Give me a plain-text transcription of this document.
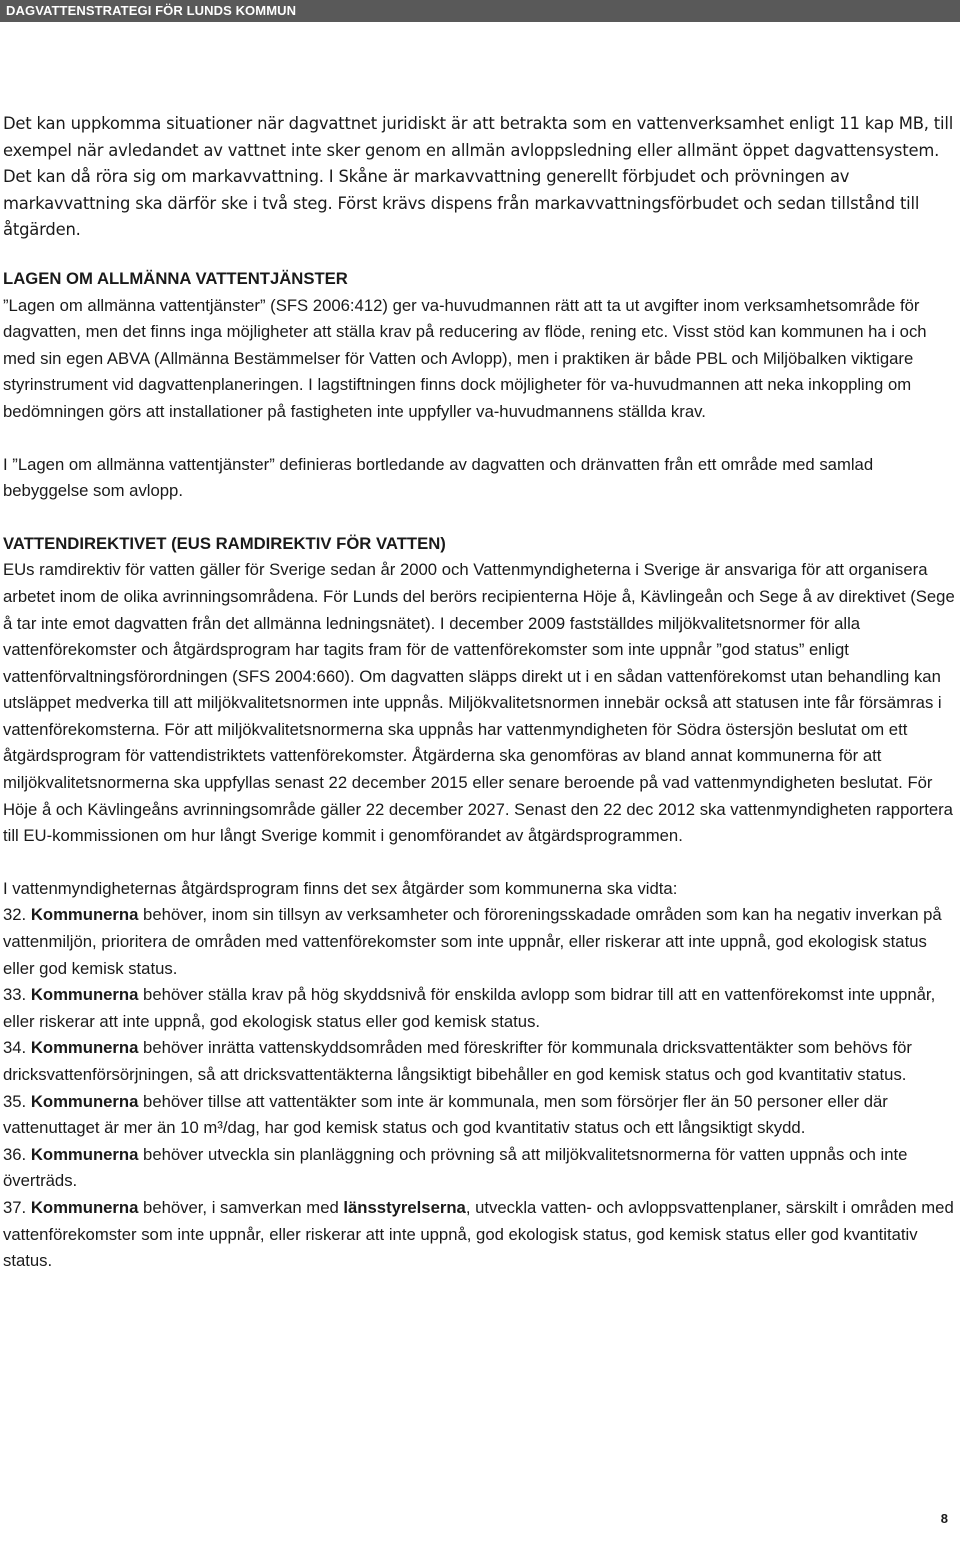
DAGVATTENSTRATEGI FÖR LUNDS KOMMUN

Det kan uppkomma situationer när dagvattnet juridiskt är att betrakta som en vattenverksamhet enligt 11 kap MB, till exempel när avledandet av vattnet inte sker genom en allmän avloppsledning eller allmänt öppet dagvattensystem. Det kan då röra sig om markavvattning. I Skåne är markavvattning generellt förbjudet och prövningen av markavvattning ska därför ske i två steg. Först krävs dispens från markavvattningsförbudet och sedan tillstånd till åtgärden.

LAGEN OM ALLMÄNNA VATTENTJÄNSTER

”Lagen om allmänna vattentjänster” (SFS 2006:412) ger va-huvudmannen rätt att ta ut avgifter inom verksamhetsområde för dagvatten, men det finns inga möjligheter att ställa krav på reducering av flöde, rening etc. Visst stöd kan kommunen ha i och med sin egen ABVA (Allmänna Bestämmelser för Vatten och Avlopp), men i praktiken är både PBL och Miljöbalken viktigare styrinstrument vid dagvattenplaneringen. I lagstiftningen finns dock möjligheter för va-huvudmannen att neka inkoppling om bedömningen görs att installationer på fastigheten inte uppfyller va-huvudmannens ställda krav.

I ”Lagen om allmänna vattentjänster” definieras bortledande av dagvatten och dränvatten från ett område med samlad bebyggelse som avlopp.

VATTENDIREKTIVET (EUS RAMDIREKTIV FÖR VATTEN)

EUs ramdirektiv för vatten gäller för Sverige sedan år 2000 och Vattenmyndigheterna i Sverige är ansvariga för att organisera arbetet inom de olika avrinningsområdena. För Lunds del berörs recipienterna Höje å, Kävlingeån och Sege å av direktivet (Sege å tar inte emot dagvatten från det allmänna ledningsnätet). I december 2009 fastställdes miljökvalitetsnormer för alla vattenförekomster och åtgärdsprogram har tagits fram för de vattenförekomster som inte uppnår ”god status” enligt vattenförvaltningsförordningen (SFS 2004:660). Om dagvatten släpps direkt ut i en sådan vattenförekomst utan behandling kan utsläppet medverka till att miljökvalitetsnormen inte uppnås. Miljökvalitetsnormen innebär också att statusen inte får försämras i vattenförekomsterna. För att miljökvalitetsnormerna ska uppnås har vattenmyndigheten för Södra östersjön beslutat om ett åtgärdsprogram för vattendistriktets vattenförekomster. Åtgärderna ska genomföras av bland annat kommunerna för att miljökvalitetsnormerna ska uppfyllas senast 22 december 2015 eller senare beroende på vad vattenmyndigheten beslutat. För Höje å och Kävlingeåns avrinningsområde gäller 22 december 2027. Senast den 22 dec 2012 ska vattenmyndigheten rapportera till EU-kommissionen om hur långt Sverige kommit i genomförandet av åtgärdsprogrammen.

I vattenmyndigheternas åtgärdsprogram finns det sex åtgärder som kommunerna ska vidta:

32. Kommunerna behöver, inom sin tillsyn av verksamheter och föroreningsskadade områden som kan ha negativ inverkan på vattenmiljön, prioritera de områden med vattenförekomster som inte uppnår, eller riskerar att inte uppnå, god ekologisk status eller god kemisk status.

33. Kommunerna behöver ställa krav på hög skyddsnivå för enskilda avlopp som bidrar till att en vattenförekomst inte uppnår, eller riskerar att inte uppnå, god ekologisk status eller god kemisk status.

34. Kommunerna behöver inrätta vattenskyddsområden med föreskrifter för kommunala dricksvattentäkter som behövs för dricksvattenförsörjningen, så att dricksvattentäkterna långsiktigt bibehåller en god kemisk status och god kvantitativ status.

35. Kommunerna behöver tillse att vattentäkter som inte är kommunala, men som försörjer fler än 50 personer eller där vattenuttaget är mer än 10 m³/dag, har god kemisk status och god kvantitativ status och ett långsiktigt skydd.

36. Kommunerna behöver utveckla sin planläggning och prövning så att miljökvalitetsnormerna för vatten uppnås och inte överträds.

37. Kommunerna behöver, i samverkan med länsstyrelserna, utveckla vatten- och avloppsvattenplaner, särskilt i områden med vattenförekomster som inte uppnår, eller riskerar att inte uppnå, god ekologisk status, god kemisk status eller god kvantitativ status.

8
